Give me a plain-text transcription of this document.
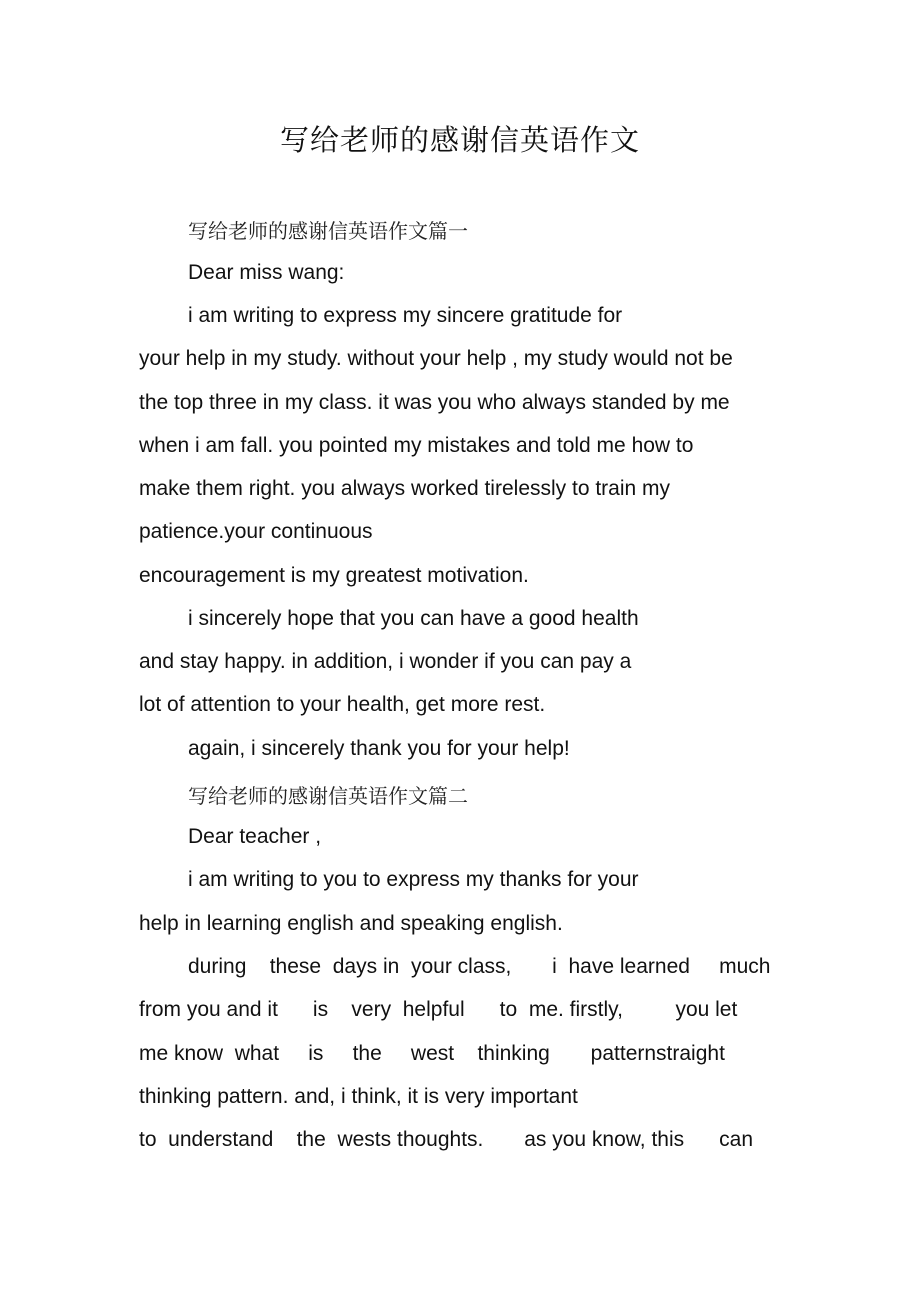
写给老师的感谢信英语作文
写给老师的感谢信英语作文篇一
Dear miss wang:
i am writing to express my sincere gratitude for
your help in my study. without your help , my study would not be
the top three in my class. it was you who always standed by me
when i am fall. you pointed my mistakes and told me how to
make them right. you always worked tirelessly to train my
patience.your continuous
encouragement is my greatest motivation.
i sincerely hope that you can have a good health
and stay happy. in addition, i wonder if you can pay a
lot of attention to your health, get more rest.
again, i sincerely thank you for your help!
写给老师的感谢信英语作文篇二
Dear teacher ,
i am writing to you to express my thanks for your
help in learning english and speaking english.
during    these  days in  your class,       i  have learned     much
from you and it      is    very  helpful      to  me. firstly,         you let
me know  what     is     the     west    thinking       patternstraight
thinking pattern. and, i think, it is very important
to  understand    the  wests thoughts.       as you know, this      can
